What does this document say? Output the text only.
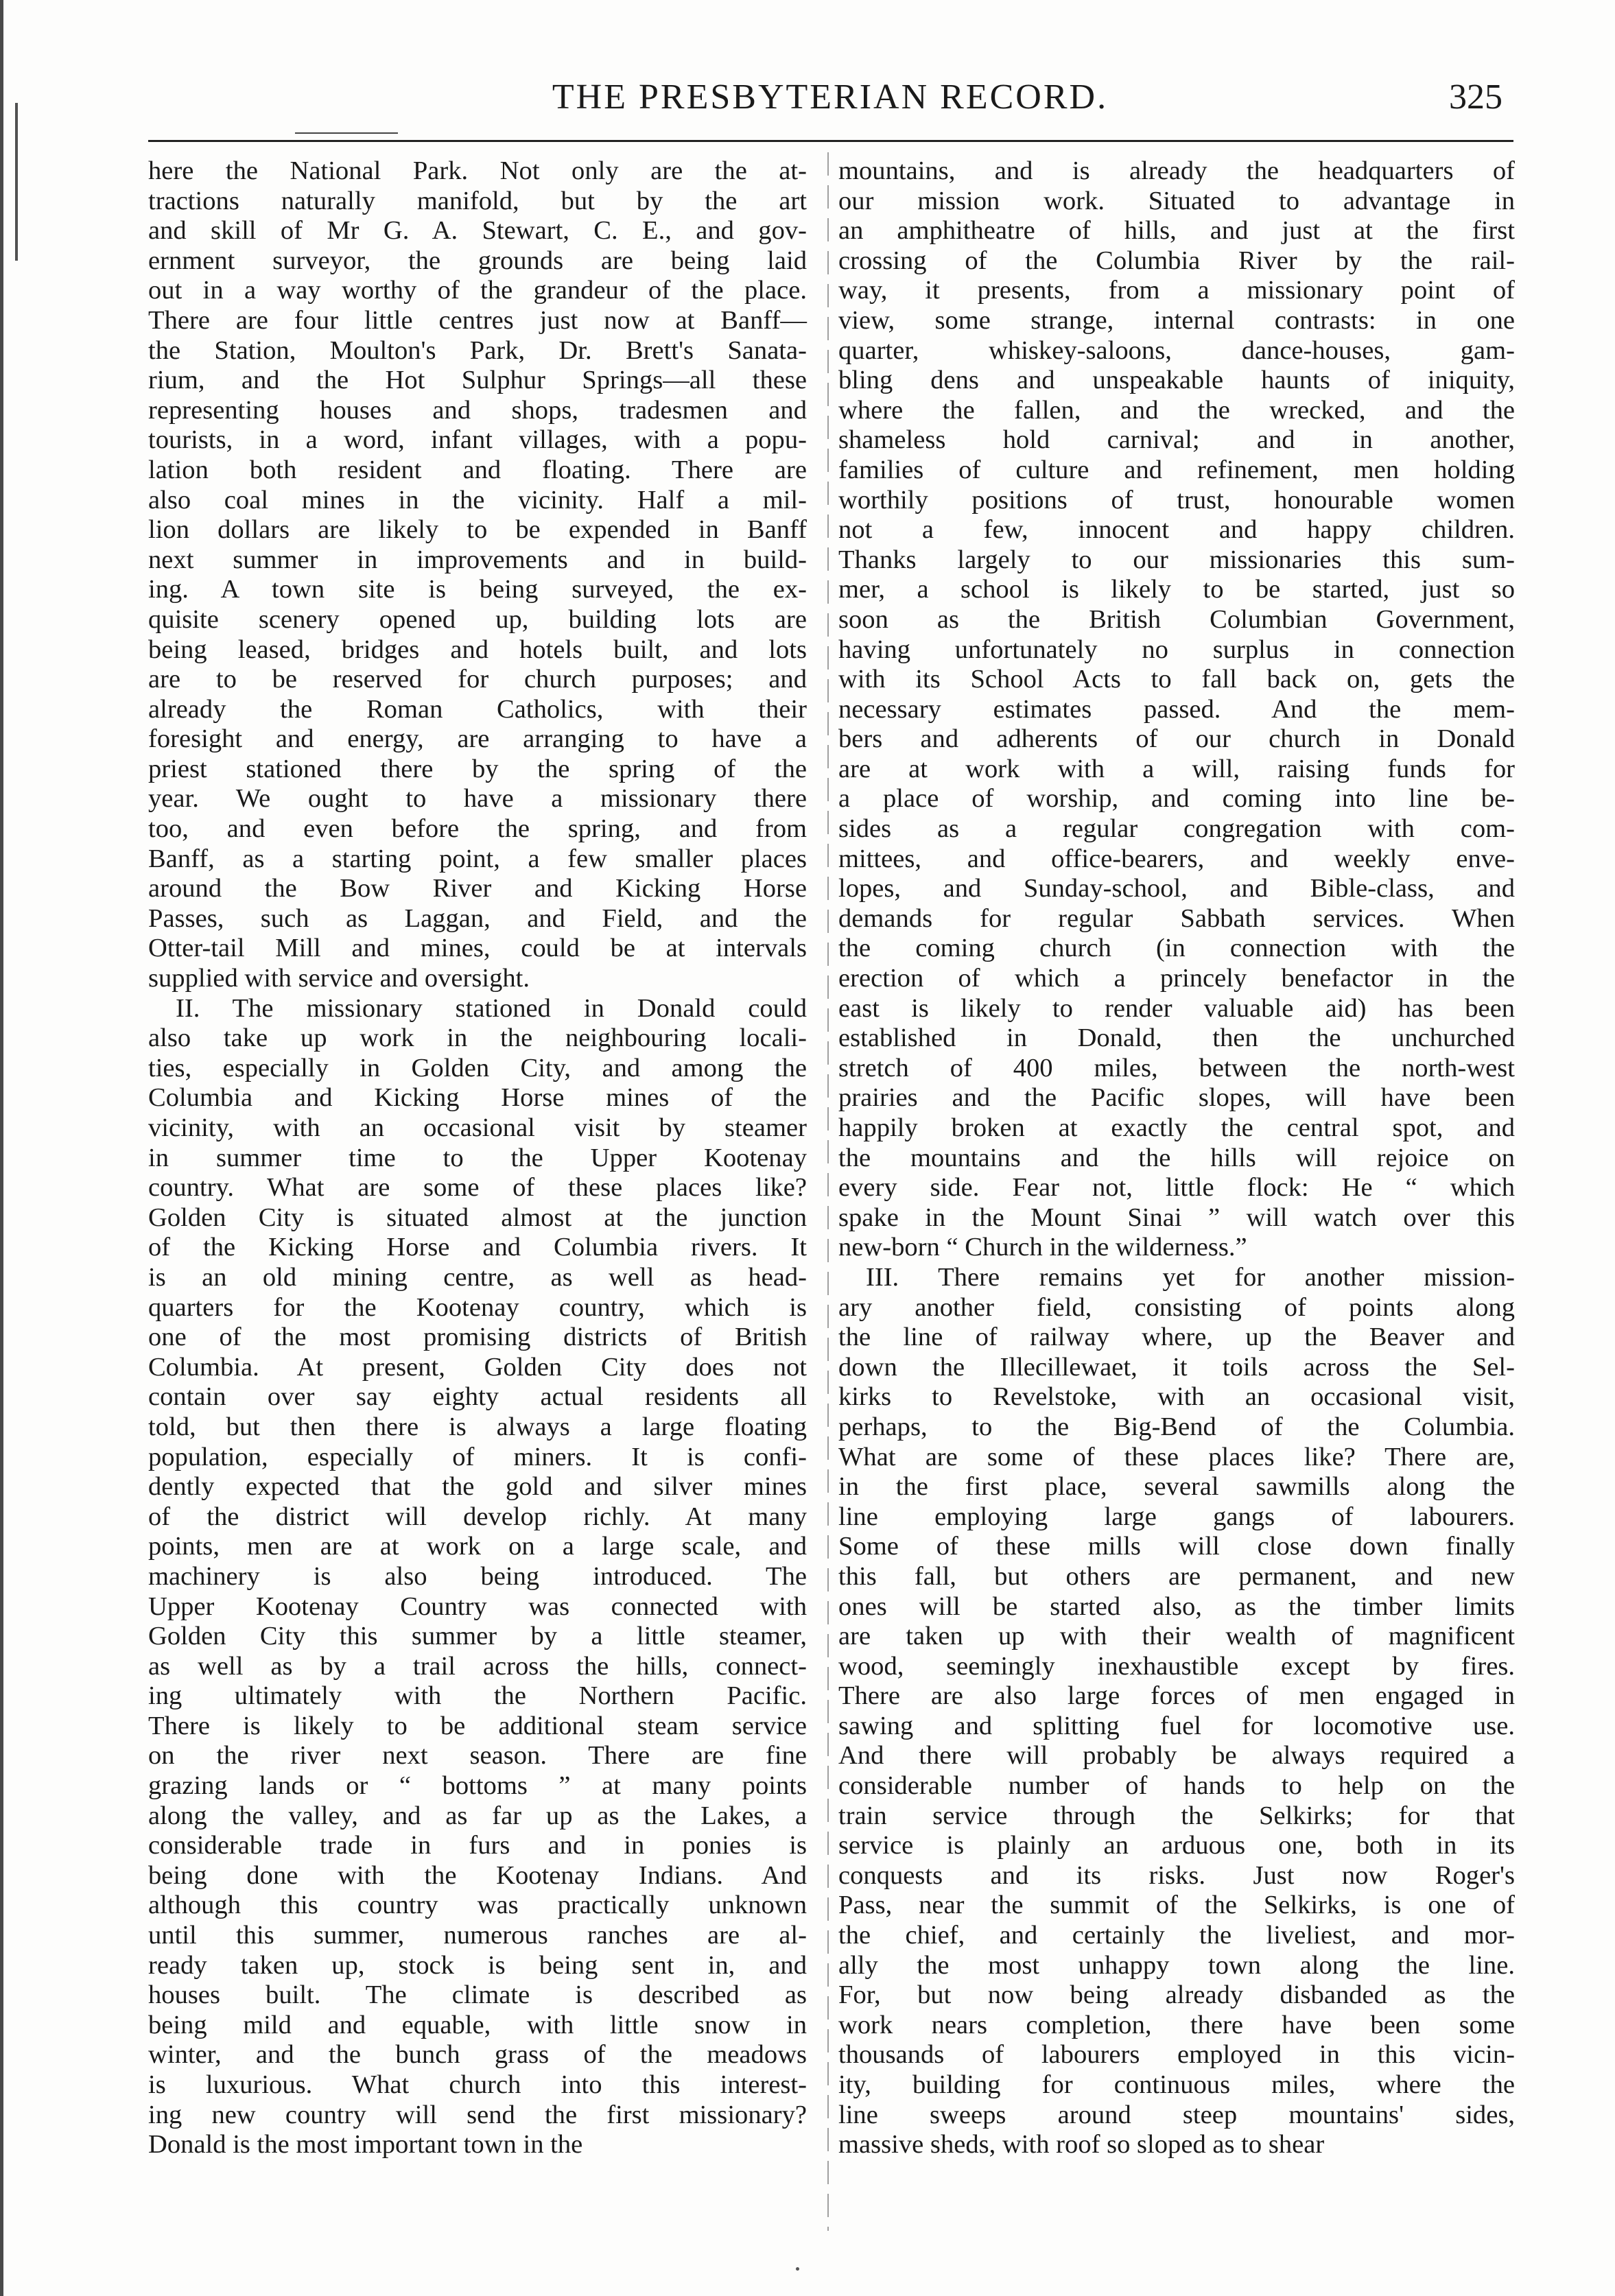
THE PRESBYTERIAN RECORD.	325
here the National Park. Not only are the at-
tractions naturally manifold, but by the art
and skill of Mr G. A. Stewart, C. E., and gov-
ernment surveyor, the grounds are being laid
out in a way worthy of the grandeur of the place.
There are four little centres just now at Banff—
the Station, Moulton's Park, Dr. Brett's Sanata-
rium, and the Hot Sulphur Springs—all these
representing houses and shops, tradesmen and
tourists, in a word, infant villages, with a popu-
lation both resident and floating. There are
also coal mines in the vicinity. Half a mil-
lion dollars are likely to be expended in Banff
next summer in improvements and in build-
ing. A town site is being surveyed, the ex-
quisite scenery opened up, building lots are
being leased, bridges and hotels built, and lots
are to be reserved for church purposes; and
already the Roman Catholics, with their
foresight and energy, are arranging to have a
priest stationed there by the spring of the
year. We ought to have a missionary there
too, and even before the spring, and from
Banff, as a starting point, a few smaller places
around the Bow River and Kicking Horse
Passes, such as Laggan, and Field, and the
Otter-tail Mill and mines, could be at intervals
supplied with service and oversight.
II. The missionary stationed in Donald could
also take up work in the neighbouring locali-
ties, especially in Golden City, and among the
Columbia and Kicking Horse mines of the
vicinity, with an occasional visit by steamer
in summer time to the Upper Kootenay
country. What are some of these places like?
Golden City is situated almost at the junction
of the Kicking Horse and Columbia rivers. It
is an old mining centre, as well as head-
quarters for the Kootenay country, which is
one of the most promising districts of British
Columbia. At present, Golden City does not
contain over say eighty actual residents all
told, but then there is always a large floating
population, especially of miners. It is confi-
dently expected that the gold and silver mines
of the district will develop richly. At many
points, men are at work on a large scale, and
machinery is also being introduced. The
Upper Kootenay Country was connected with
Golden City this summer by a little steamer,
as well as by a trail across the hills, connect-
ing ultimately with the Northern Pacific.
There is likely to be additional steam service
on the river next season. There are fine
grazing lands or “ bottoms ” at many points
along the valley, and as far up as the Lakes, a
considerable trade in furs and in ponies is
being done with the Kootenay Indians. And
although this country was practically unknown
until this summer, numerous ranches are al-
ready taken up, stock is being sent in, and
houses built. The climate is described as
being mild and equable, with little snow in
winter, and the bunch grass of the meadows
is luxurious. What church into this interest-
ing new country will send the first missionary?
Donald is the most important town in the
mountains, and is already the headquarters of
our mission work. Situated to advantage in
an amphitheatre of hills, and just at the first
crossing of the Columbia River by the rail-
way, it presents, from a missionary point of
view, some strange, internal contrasts: in one
quarter, whiskey-saloons, dance-houses, gam-
bling dens and unspeakable haunts of iniquity,
where the fallen, and the wrecked, and the
shameless hold carnival; and in another,
families of culture and refinement, men holding
worthily positions of trust, honourable women
not a few, innocent and happy children.
Thanks largely to our missionaries this sum-
mer, a school is likely to be started, just so
soon as the British Columbian Government,
having unfortunately no surplus in connection
with its School Acts to fall back on, gets the
necessary estimates passed. And the mem-
bers and adherents of our church in Donald
are at work with a will, raising funds for
a place of worship, and coming into line be-
sides as a regular congregation with com-
mittees, and office-bearers, and weekly enve-
lopes, and Sunday-school, and Bible-class, and
demands for regular Sabbath services. When
the coming church (in connection with the
erection of which a princely benefactor in the
east is likely to render valuable aid) has been
established in Donald, then the unchurched
stretch of 400 miles, between the north-west
prairies and the Pacific slopes, will have been
happily broken at exactly the central spot, and
the mountains and the hills will rejoice on
every side. Fear not, little flock: He “ which
spake in the Mount Sinai ” will watch over this
new-born “ Church in the wilderness.”
III. There remains yet for another mission-
ary another field, consisting of points along
the line of railway where, up the Beaver and
down the Illecillewaet, it toils across the Sel-
kirks to Revelstoke, with an occasional visit,
perhaps, to the Big-Bend of the Columbia.
What are some of these places like? There are,
in the first place, several sawmills along the
line employing large gangs of labourers.
Some of these mills will close down finally
this fall, but others are permanent, and new
ones will be started also, as the timber limits
are taken up with their wealth of magnificent
wood, seemingly inexhaustible except by fires.
There are also large forces of men engaged in
sawing and splitting fuel for locomotive use.
And there will probably be always required a
considerable number of hands to help on the
train service through the Selkirks; for that
service is plainly an arduous one, both in its
conquests and its risks. Just now Roger's
Pass, near the summit of the Selkirks, is one of
the chief, and certainly the liveliest, and mor-
ally the most unhappy town along the line.
For, but now being already disbanded as the
work nears completion, there have been some
thousands of labourers employed in this vicin-
ity, building for continuous miles, where the
line sweeps around steep mountains' sides,
massive sheds, with roof so sloped as to shear
